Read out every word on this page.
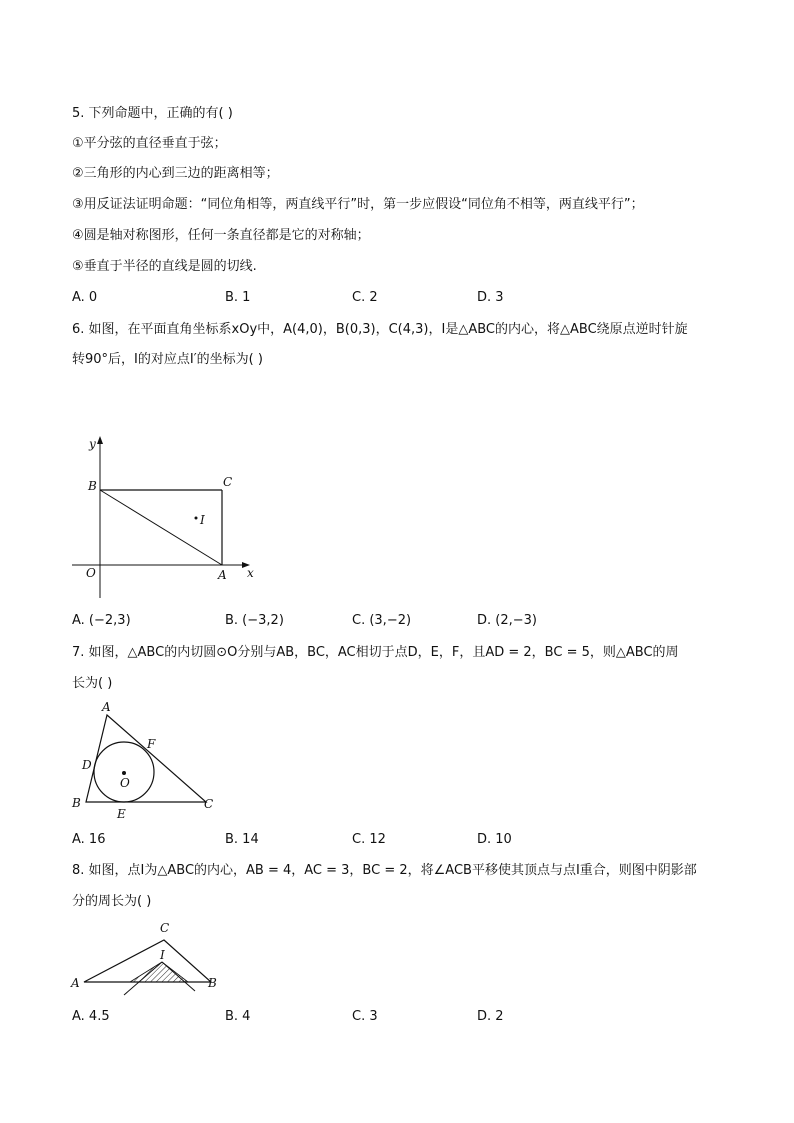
5. 下列命题中，正确的有( )
①平分弦的直径垂直于弦；
②三角形的内心到三边的距离相等；
③用反证法证明命题：“同位角相等，两直线平行”时，第一步应假设“同位角不相等，两直线平行”；
④圆是轴对称图形，任何一条直径都是它的对称轴；
⑤垂直于半径的直线是圆的切线.
A. 0	B. 1	C. 2	D. 3
6. 如图，在平面直角坐标系xOy中，A(4,0)，B(0,3)，C(4,3)，I是△ABC的内心，将△ABC绕原点逆时针旋
转90°后，I的对应点I′的坐标为( )
y
B	C
I
O	A x
A. (−2,3)	B. (−3,2)	C. (3,−2)	D. (2,−3)
7. 如图，△ABC的内切圆⊙O分别与AB，BC，AC相切于点D，E，F，且AD = 2，BC = 5，则△ABC的周
长为( )
A
F
D
O
B
E
C
A. 16	B. 14	C. 12	D. 10
8. 如图，点I为△ABC的内心，AB = 4，AC = 3，BC = 2，将∠ACB平移使其顶点与点I重合，则图中阴影部
分的周长为( )
C
I
A	B
A. 4.5	B. 4	C. 3	D. 2
